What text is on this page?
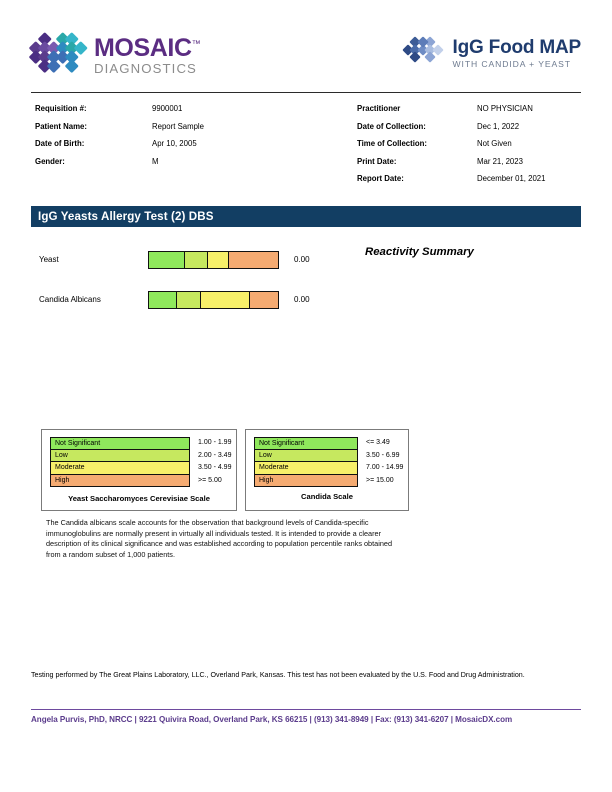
MOSAIC™
DIAGNOSTICS
IgG Food MAP
WITH CANDIDA + YEAST
Requisition #:	9900001
Patient Name:	Report Sample
Date of Birth:	Apr 10, 2005
Gender:	M
Practitioner	NO PHYSICIAN
Date of Collection:	Dec 1, 2022
Time of Collection:	Not Given
Print Date:	Mar 21, 2023
Report Date:	December 01, 2021
IgG Yeasts Allergy Test (2) DBS
Reactivity Summary
Yeast	0.00
Candida Albicans	0.00
Not Significant	1.00 - 1.99
Low	2.00 - 3.49
Moderate	3.50 - 4.99
High	>= 5.00
Yeast Saccharomyces Cerevisiae Scale
Not Significant	<= 3.49
Low	3.50 - 6.99
Moderate	7.00 - 14.99
High	>= 15.00
Candida Scale

The Candida albicans scale accounts for the observation that background levels of Candida-specific immunoglobulins are normally present in virtually all individuals tested. It is intended to provide a clearer description of its clinical significance and was established according to population percentile ranks obtained from a random subset of 1,000 patients.

Testing performed by The Great Plains Laboratory, LLC., Overland Park, Kansas. This test has not been evaluated by the U.S. Food and Drug Administration.

Angela Purvis, PhD, NRCC | 9221 Quivira Road, Overland Park, KS 66215 | (913) 341-8949 | Fax: (913) 341-6207 | MosaicDX.com
